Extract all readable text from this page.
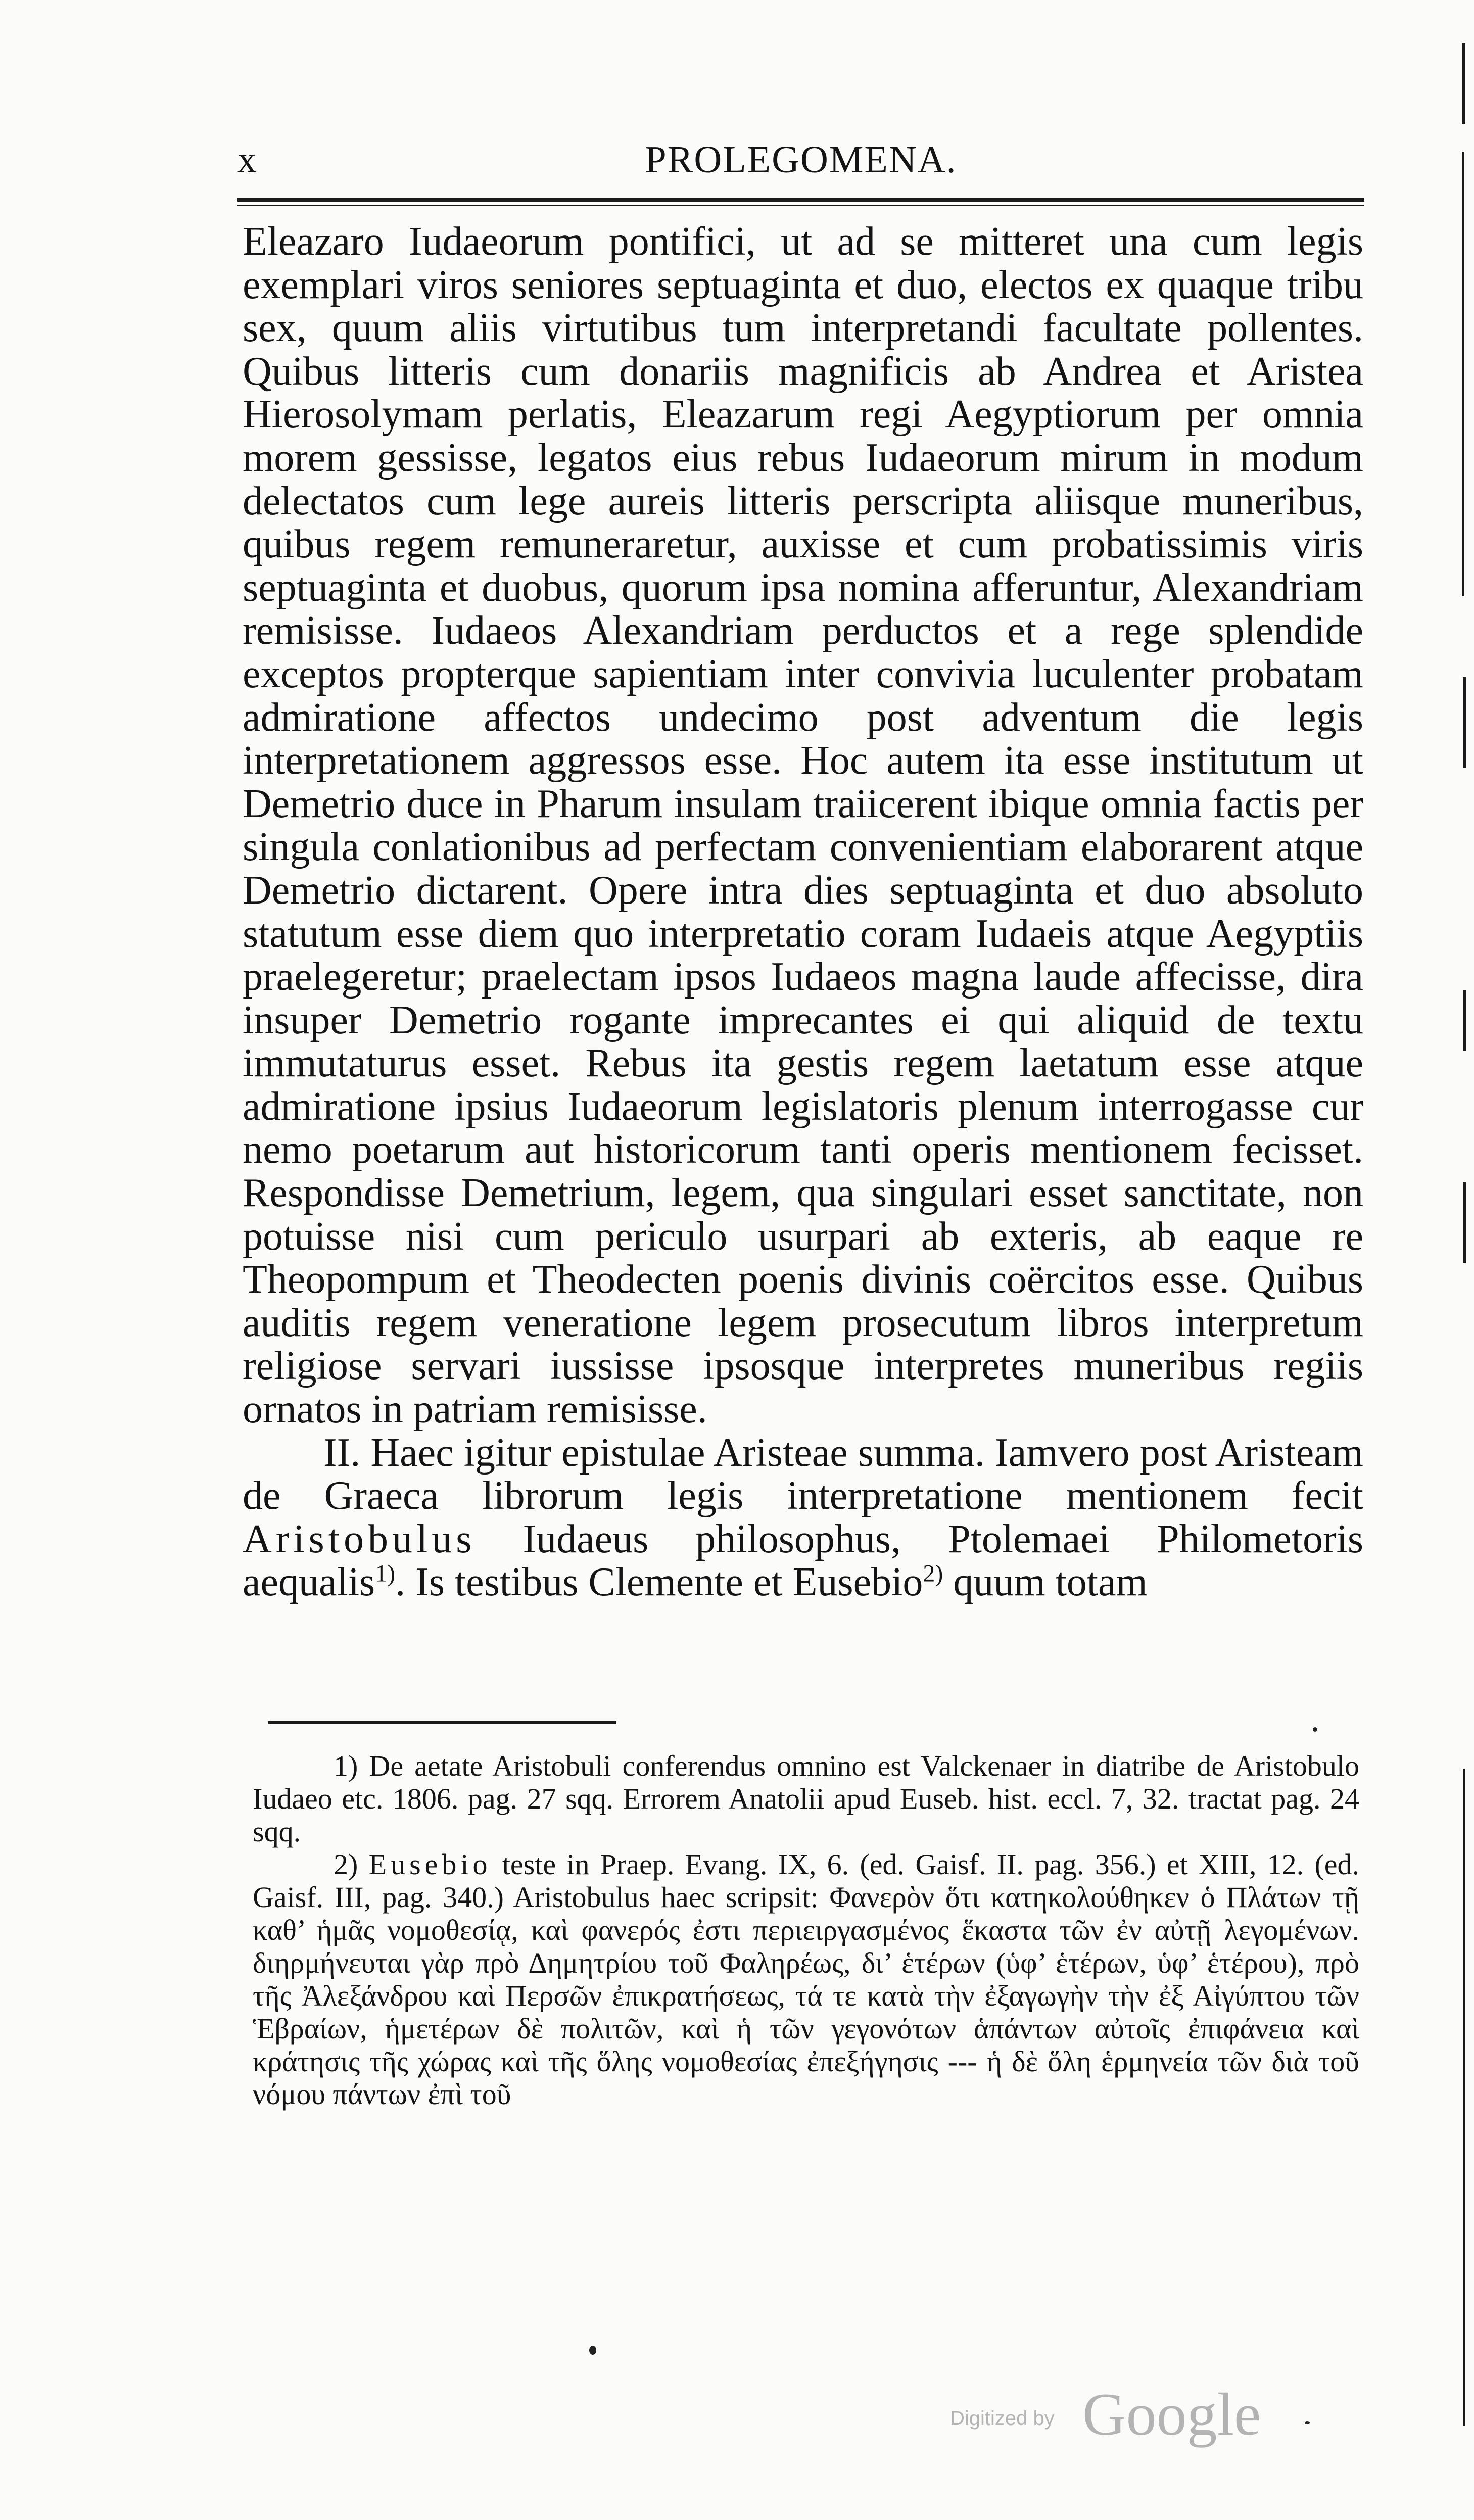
x	PROLEGOMENA.

Eleazaro Iudaeorum pontifici, ut ad se mitteret una cum legis exemplari viros seniores septuaginta et duo, electos ex quaque tribu sex, quum aliis virtutibus tum interpretandi facultate pollentes. Quibus litteris cum donariis magnificis ab Andrea et Aristea Hierosolymam perlatis, Eleazarum regi Aegyptiorum per omnia morem gessisse, legatos eius rebus Iudaeorum mirum in modum delectatos cum lege aureis litteris perscripta aliisque muneribus, quibus regem remuneraretur, auxisse et cum probatissimis viris septuaginta et duobus, quorum ipsa nomina afferuntur, Alexandriam remisisse. Iudaeos Alexandriam perductos et a rege splendide exceptos propterque sapientiam inter convivia luculenter probatam admiratione affectos undecimo post adventum die legis interpretationem aggressos esse. Hoc autem ita esse institutum ut Demetrio duce in Pharum insulam traiicerent ibique omnia factis per singula conlationibus ad perfectam convenientiam elaborarent atque Demetrio dictarent. Opere intra dies septuaginta et duo absoluto statutum esse diem quo interpretatio coram Iudaeis atque Aegyptiis praelegeretur; praelectam ipsos Iudaeos magna laude affecisse, dira insuper Demetrio rogante imprecantes ei qui aliquid de textu immutaturus esset. Rebus ita gestis regem laetatum esse atque admiratione ipsius Iudaeorum legislatoris plenum interrogasse cur nemo poetarum aut historicorum tanti operis mentionem fecisset. Respondisse Demetrium, legem, qua singulari esset sanctitate, non potuisse nisi cum periculo usurpari ab exteris, ab eaque re Theopompum et Theodecten poenis divinis coërcitos esse. Quibus auditis regem veneratione legem prosecutum libros interpretum religiose servari iussisse ipsosque interpretes muneribus regiis ornatos in patriam remisisse.

II. Haec igitur epistulae Aristeae summa. Iamvero post Aristeam de Graeca librorum legis interpretatione mentionem fecit Aristobulus Iudaeus philosophus, Ptolemaei Philometoris aequalis$^{1)}$. Is testibus Clemente et Eusebio$^{2)}$ quum totam

1) De aetate Aristobuli conferendus omnino est Valckenaer in diatribe de Aristobulo Iudaeo etc. 1806. pag. 27 sqq. Errorem Anatolii apud Euseb. hist. eccl. 7, 32. tractat pag. 24 sqq.

2) Eusebio teste in Praep. Evang. IX, 6. (ed. Gaisf. II. pag. 356.) et XIII, 12. (ed. Gaisf. III, pag. 340.) Aristobulus haec scripsit: Φανερὸν ὅτι κατηκολούθηκεν ὁ Πλάτων τῇ καθ’ ἡμᾶς νομοθεσίᾳ, καὶ φανερός ἐστι περιειργασμένος ἕκαστα τῶν ἐν αὐτῇ λεγομένων. διηρμήνευται γὰρ πρὸ Δημητρίου τοῦ Φαληρέως, δι’ ἑτέρων (ὑφ’ ἑτέρων, ὑφ’ ἑτέρου), πρὸ τῆς Ἀλεξάνδρου καὶ Περσῶν ἐπικρατήσεως, τά τε κατὰ τὴν ἐξαγωγὴν τὴν ἐξ Αἰγύπτου τῶν Ἑβραίων, ἡμετέρων δὲ πολιτῶν, καὶ ἡ τῶν γεγονότων ἁπάντων αὐτοῖς ἐπιφάνεια καὶ κράτησις τῆς χώρας καὶ τῆς ὅλης νομοθεσίας ἐπεξήγησις --- ἡ δὲ ὅλη ἑρμηνεία τῶν διὰ τοῦ νόμου πάντων ἐπὶ τοῦ

Digitized by Google
